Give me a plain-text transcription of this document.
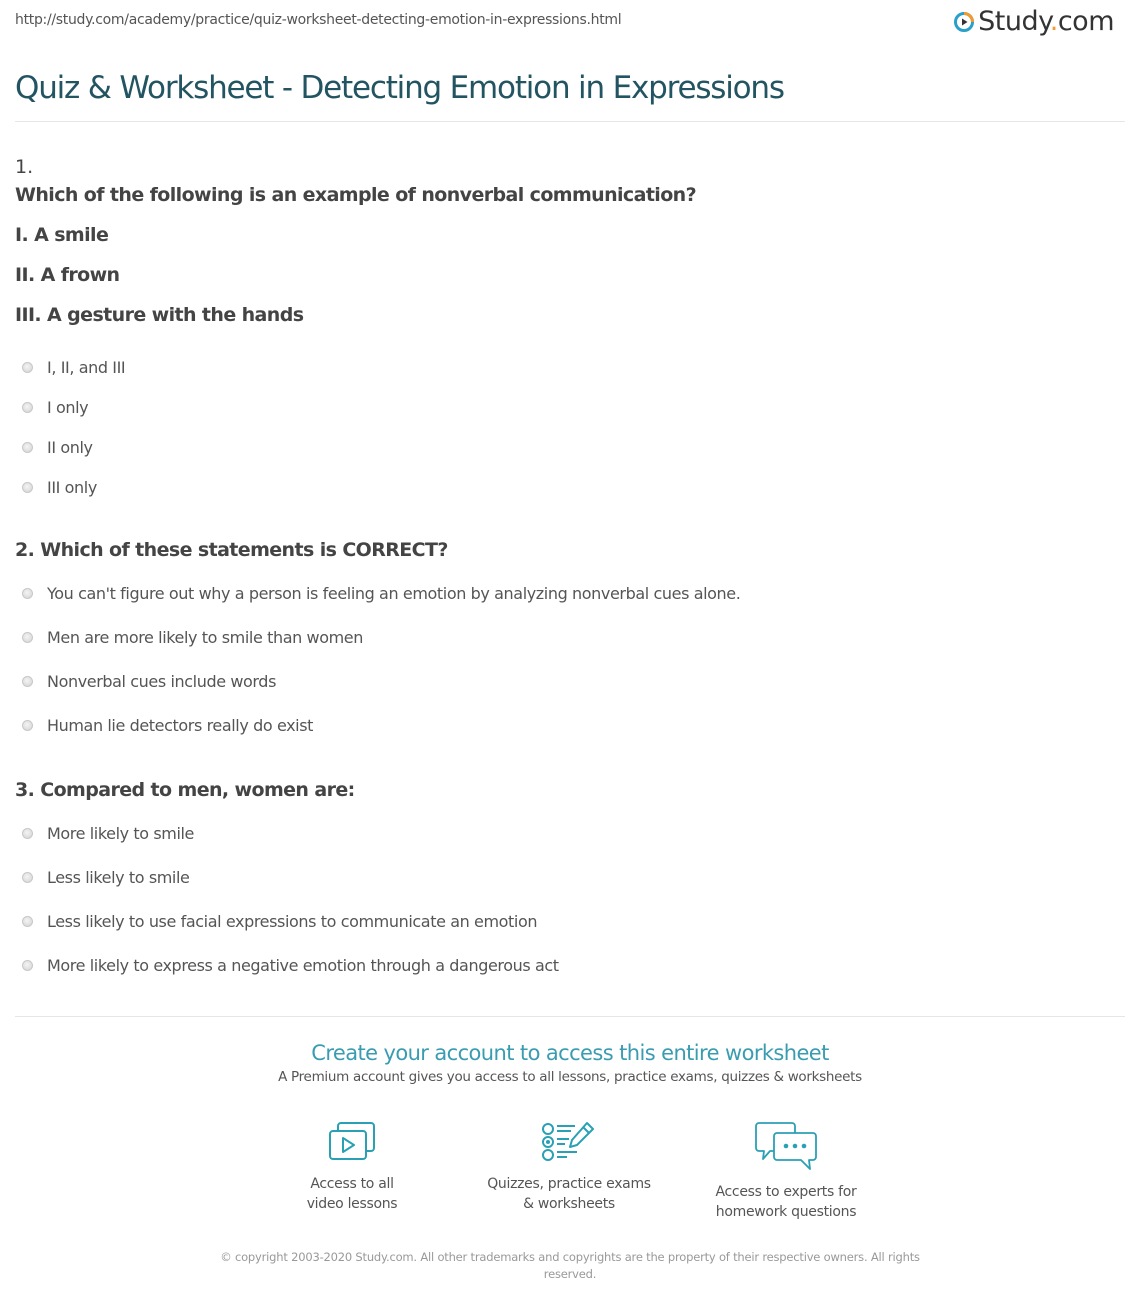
http://study.com/academy/practice/quiz-worksheet-detecting-emotion-in-expressions.html	Study.com
Quiz & Worksheet - Detecting Emotion in Expressions
1.
Which of the following is an example of nonverbal communication?
I. A smile
II. A frown
III. A gesture with the hands
I, II, and III
I only
II only
III only
2. Which of these statements is CORRECT?
You can't figure out why a person is feeling an emotion by analyzing nonverbal cues alone.
Men are more likely to smile than women
Nonverbal cues include words
Human lie detectors really do exist
3. Compared to men, women are:
More likely to smile
Less likely to smile
Less likely to use facial expressions to communicate an emotion
More likely to express a negative emotion through a dangerous act
Create your account to access this entire worksheet
A Premium account gives you access to all lessons, practice exams, quizzes & worksheets
Access to all
video lessons
Quizzes, practice exams
& worksheets
Access to experts for
homework questions
© copyright 2003-2020 Study.com. All other trademarks and copyrights are the property of their respective owners. All rights reserved.
